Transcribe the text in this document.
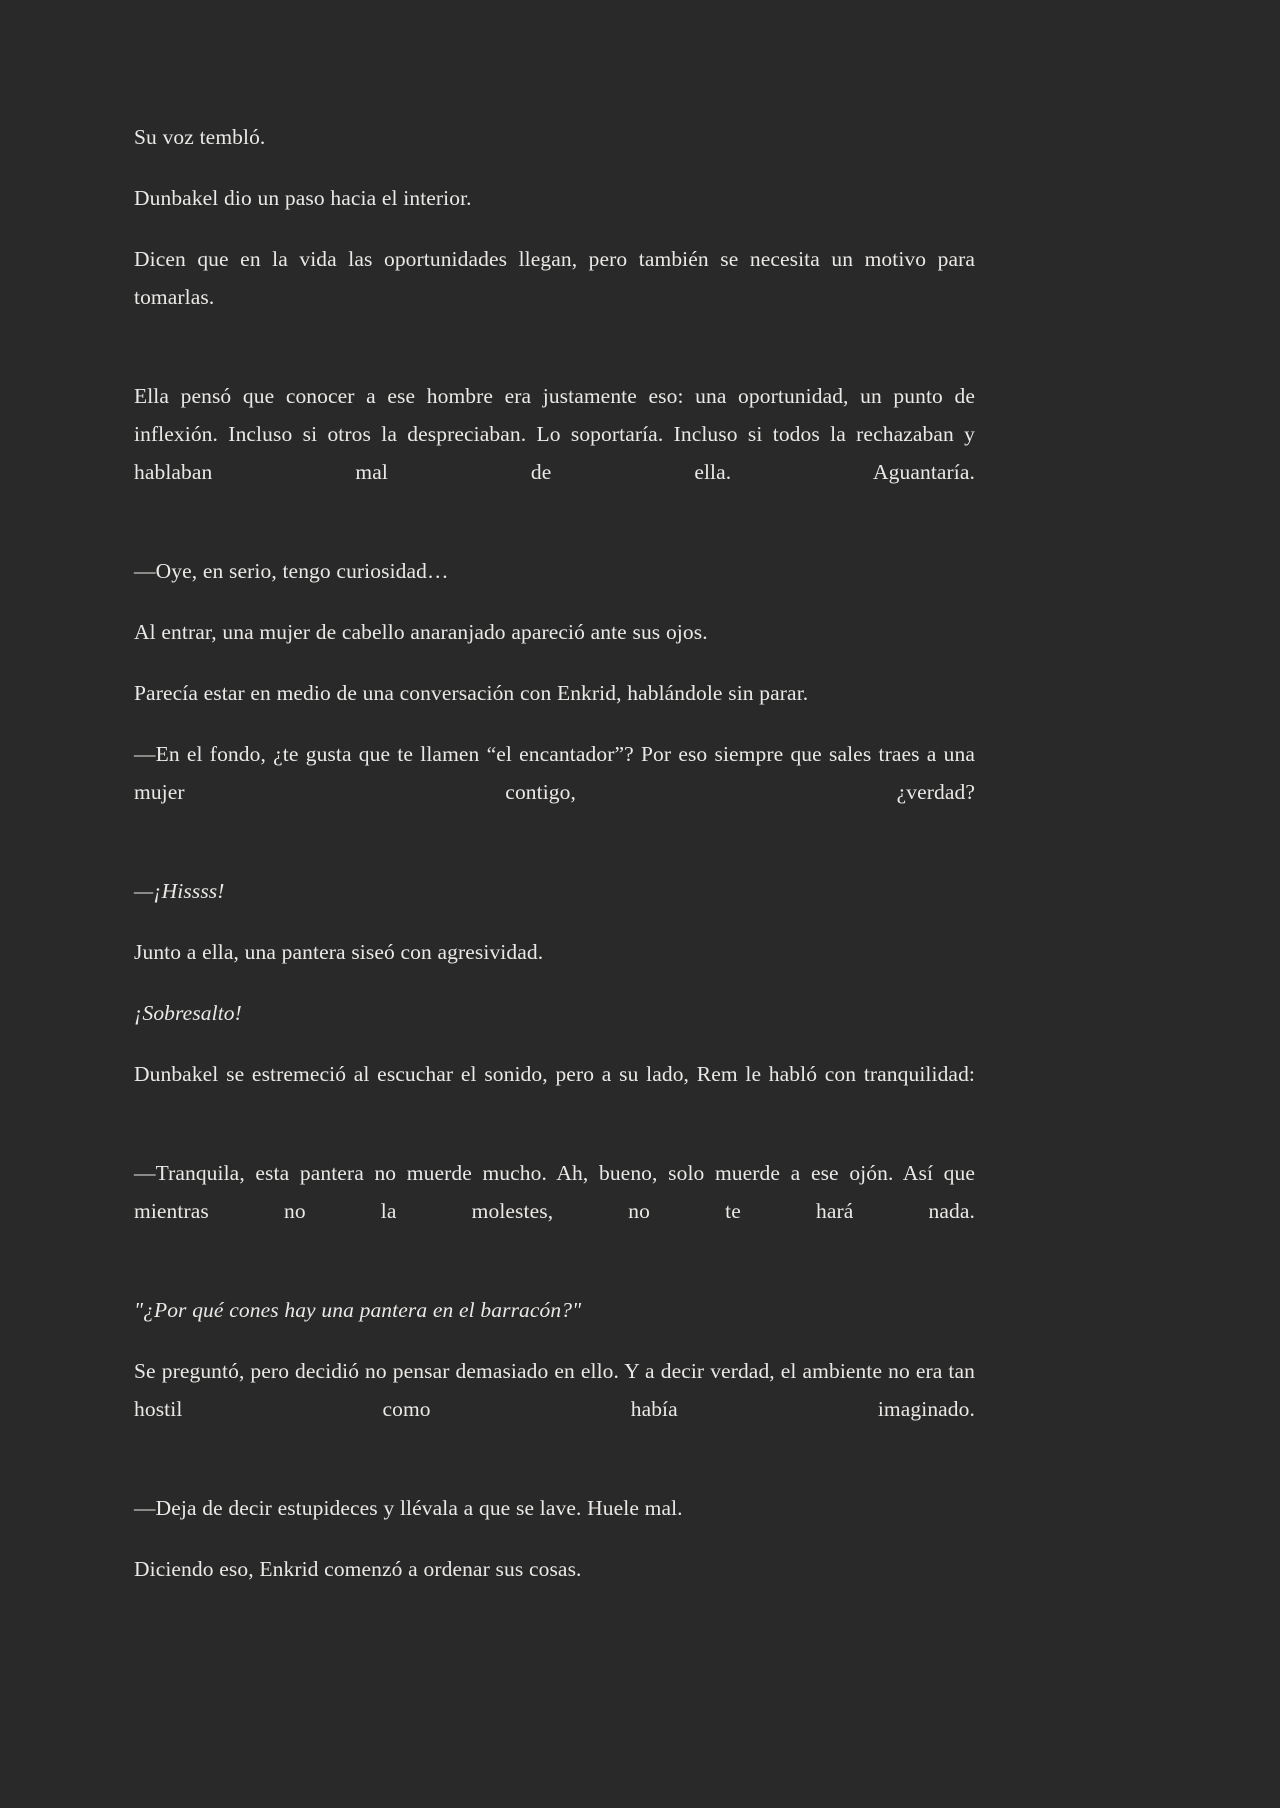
Su voz tembló.

Dunbakel dio un paso hacia el interior.

Dicen que en la vida las oportunidades llegan, pero también se necesita un motivo para tomarlas.

Ella pensó que conocer a ese hombre era justamente eso: una oportunidad, un punto de inflexión. Incluso si otros la despreciaban. Lo soportaría. Incluso si todos la rechazaban y hablaban mal de ella. Aguantaría.

—Oye, en serio, tengo curiosidad…

Al entrar, una mujer de cabello anaranjado apareció ante sus ojos.

Parecía estar en medio de una conversación con Enkrid, hablándole sin parar.

—En el fondo, ¿te gusta que te llamen “el encantador”? Por eso siempre que sales traes a una mujer contigo, ¿verdad?

—¡Hissss!

Junto a ella, una pantera siseó con agresividad.

¡Sobresalto!

Dunbakel se estremeció al escuchar el sonido, pero a su lado, Rem le habló con tranquilidad:

—Tranquila, esta pantera no muerde mucho. Ah, bueno, solo muerde a ese ojón. Así que mientras no la molestes, no te hará nada.

"¿Por qué cones hay una pantera en el barracón?"

Se preguntó, pero decidió no pensar demasiado en ello. Y a decir verdad, el ambiente no era tan hostil como había imaginado.

—Deja de decir estupideces y llévala a que se lave. Huele mal.

Diciendo eso, Enkrid comenzó a ordenar sus cosas.
